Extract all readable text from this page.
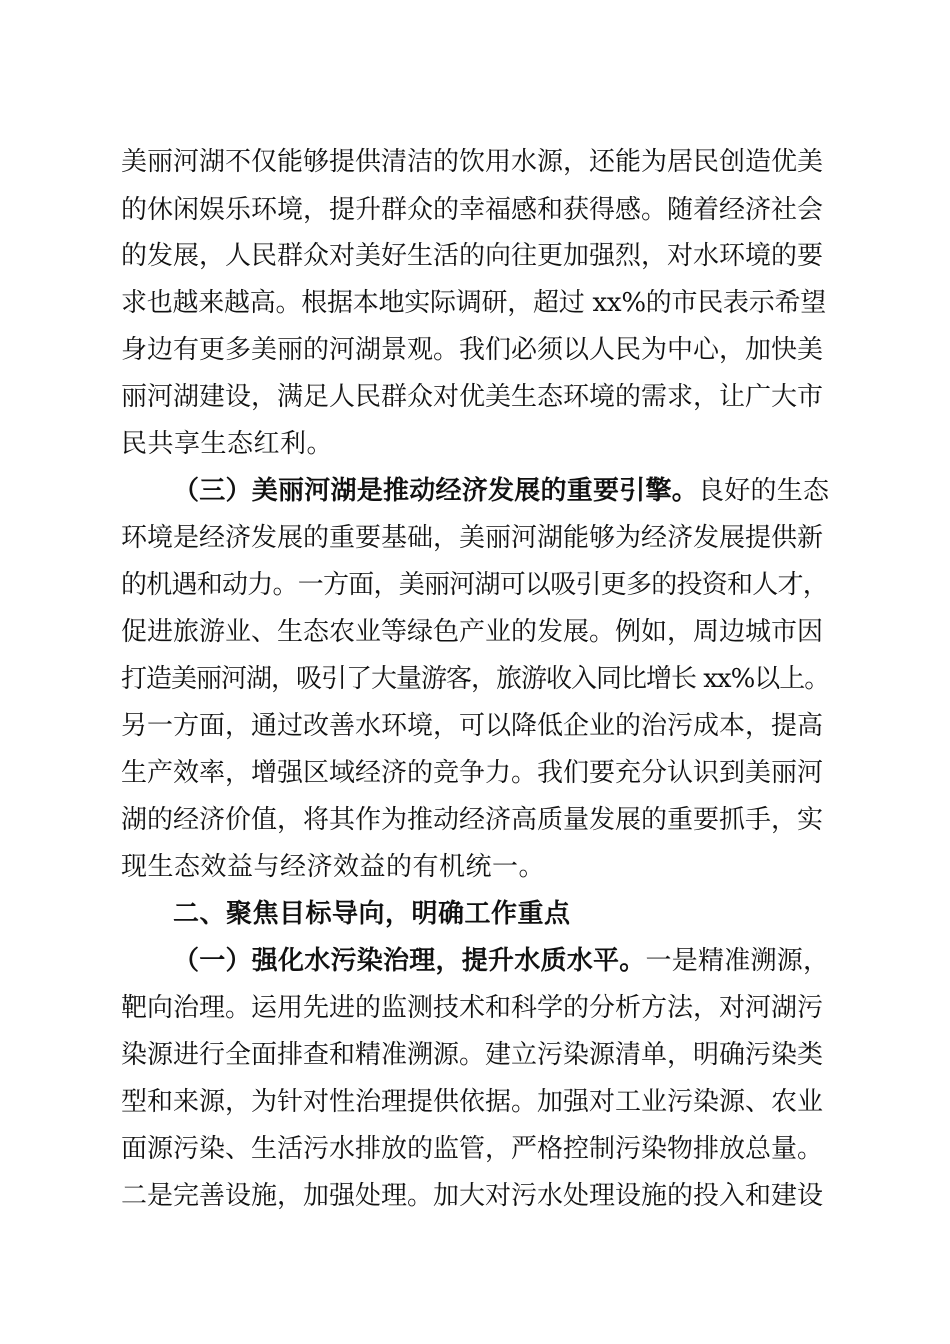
美丽河湖不仅能够提供清洁的饮用水源，还能为居民创造优美
的休闲娱乐环境，提升群众的幸福感和获得感。随着经济社会
的发展，人民群众对美好生活的向往更加强烈，对水环境的要
求也越来越高。根据本地实际调研，超过 xx%的市民表示希望
身边有更多美丽的河湖景观。我们必须以人民为中心，加快美
丽河湖建设，满足人民群众对优美生态环境的需求，让广大市
民共享生态红利。
（三）美丽河湖是推动经济发展的重要引擎。良好的生态
环境是经济发展的重要基础，美丽河湖能够为经济发展提供新
的机遇和动力。一方面，美丽河湖可以吸引更多的投资和人才，
促进旅游业、生态农业等绿色产业的发展。例如，周边城市因
打造美丽河湖，吸引了大量游客，旅游收入同比增长 xx%以上。
另一方面，通过改善水环境，可以降低企业的治污成本，提高
生产效率，增强区域经济的竞争力。我们要充分认识到美丽河
湖的经济价值，将其作为推动经济高质量发展的重要抓手，实
现生态效益与经济效益的有机统一。
二、聚焦目标导向，明确工作重点
（一）强化水污染治理，提升水质水平。一是精准溯源，
靶向治理。运用先进的监测技术和科学的分析方法，对河湖污
染源进行全面排查和精准溯源。建立污染源清单，明确污染类
型和来源，为针对性治理提供依据。加强对工业污染源、农业
面源污染、生活污水排放的监管，严格控制污染物排放总量。
二是完善设施，加强处理。加大对污水处理设施的投入和建设
